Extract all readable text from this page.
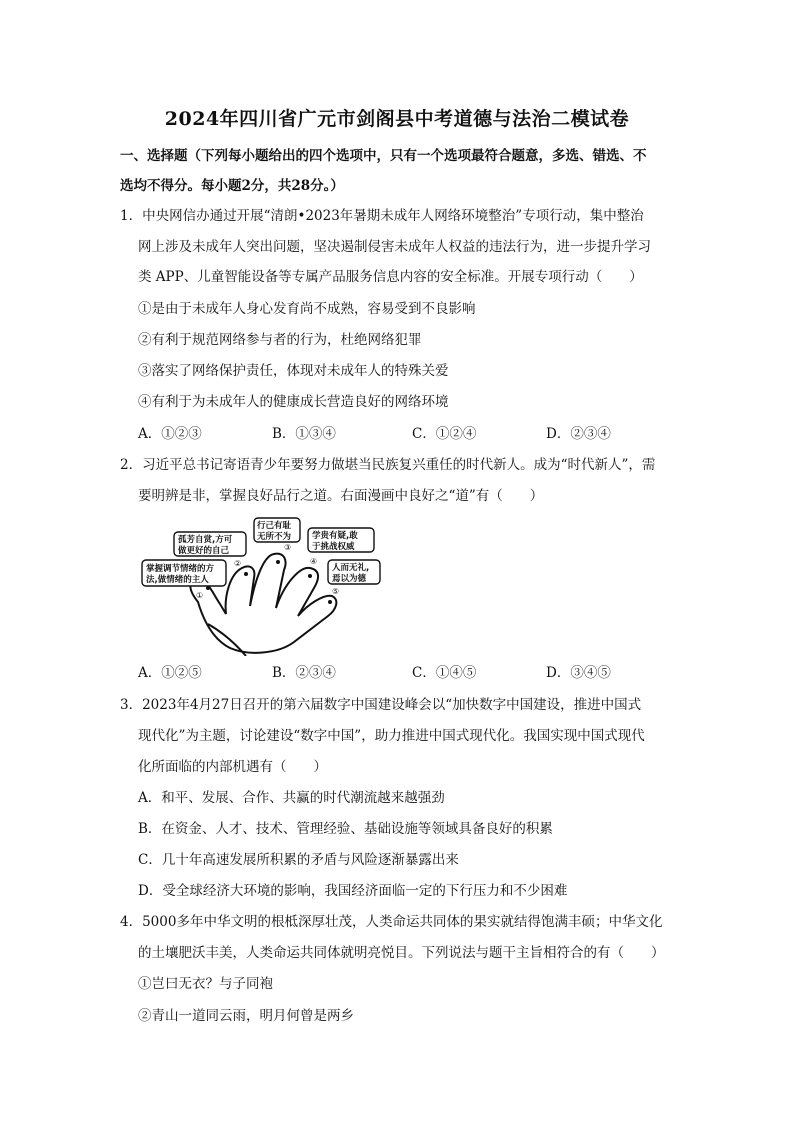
2024年四川省广元市剑阁县中考道德与法治二模试卷
一、选择题（下列每小题给出的四个选项中，只有一个选项最符合题意，多选、错选、不
选均不得分。每小题2分，共28分。）
1．中央网信办通过开展“清朗•2023年暑期未成年人网络环境整治”专项行动，集中整治
网上涉及未成年人突出问题，坚决遏制侵害未成年人权益的违法行为，进一步提升学习
类 APP、儿童智能设备等专属产品服务信息内容的安全标准。开展专项行动（　　）
①是由于未成年人身心发育尚不成熟，容易受到不良影响
②有利于规范网络参与者的行为，杜绝网络犯罪
③落实了网络保护责任，体现对未成年人的特殊关爱
④有利于为未成年人的健康成长营造良好的网络环境
A．①②③	B．①③④	C．①②④	D．②③④
2．习近平总书记寄语青少年要努力做堪当民族复兴重任的时代新人。成为“时代新人”，需
要明辨是非，掌握良好品行之道。右面漫画中良好之“道”有（　　）
掌握调节情绪的方
法,做情绪的主人
孤芳自赏,方可
做更好的自己
行己有耻
无所不为 学贵有疑,敢
于挑战权威
人而无礼,
焉以为德
①
②
③
④
⑤
A．①②⑤	B．②③④	C．①④⑤	D．③④⑤
3．2023年4月27日召开的第六届数字中国建设峰会以“加快数字中国建设，推进中国式
现代化”为主题，讨论建设“数字中国”，助力推进中国式现代化。我国实现中国式现代
化所面临的内部机遇有（　　）
A．和平、发展、合作、共赢的时代潮流越来越强劲
B．在资金、人才、技术、管理经验、基础设施等领域具备良好的积累
C．几十年高速发展所积累的矛盾与风险逐渐暴露出来
D．受全球经济大环境的影响，我国经济面临一定的下行压力和不少困难
4．5000多年中华文明的根柢深厚壮茂，人类命运共同体的果实就结得饱满丰硕；中华文化
的土壤肥沃丰美，人类命运共同体就明亮悦目。下列说法与题干主旨相符合的有（　　）
①岂曰无衣？与子同袍
②青山一道同云雨，明月何曾是两乡
